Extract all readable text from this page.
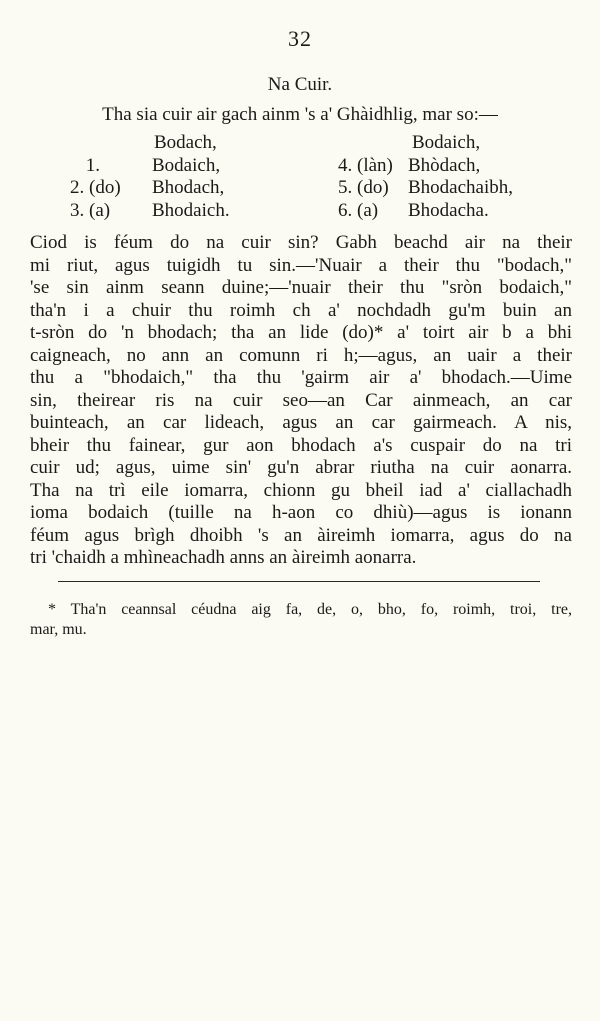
32
Na Cuir.
Tha sia cuir air gach ainm 's a' Ghàidhlig, mar so:—
Bodach,	Bodaich,
1.	Bodaich,	4. (làn) Bhòdach,
2. (do) Bhodach,	5. (do) Bhodachaibh,
3. (a) Bhodaich.	6. (a) Bhodacha.
Ciod is féum do na cuir sin? Gabh beachd air na their
mi riut, agus tuigidh tu sin.—'Nuair a their thu "bodach,"
'se sin ainm seann duine;—'nuair their thu "sròn bodaich,"
tha'n i a chuir thu roimh ch a' nochdadh gu'm buin an
t-sròn do 'n bhodach; tha an lide (do)* a' toirt air b a bhi
caigneach, no ann an comunn ri h;—agus, an uair a their
thu a "bhodaich," tha thu 'gairm air a' bhodach.—Uime
sin, theirear ris na cuir seo—an Car ainmeach, an car
buinteach, an car lideach, agus an car gairmeach. A nis,
bheir thu fainear, gur aon bhodach a's cuspair do na tri
cuir ud; agus, uime sin' gu'n abrar riutha na cuir aonarra.
Tha na trì eile iomarra, chionn gu bheil iad a' ciallachadh
ioma bodaich (tuille na h-aon co dhiù)—agus is ionann
féum agus brìgh dhoibh 's an àireimh iomarra, agus do na
tri 'chaidh a mhìneachadh anns an àireimh aonarra.
* Tha'n ceannsal céudna aig fa, de, o, bho, fo, roimh, troi, tre,
mar, mu.
